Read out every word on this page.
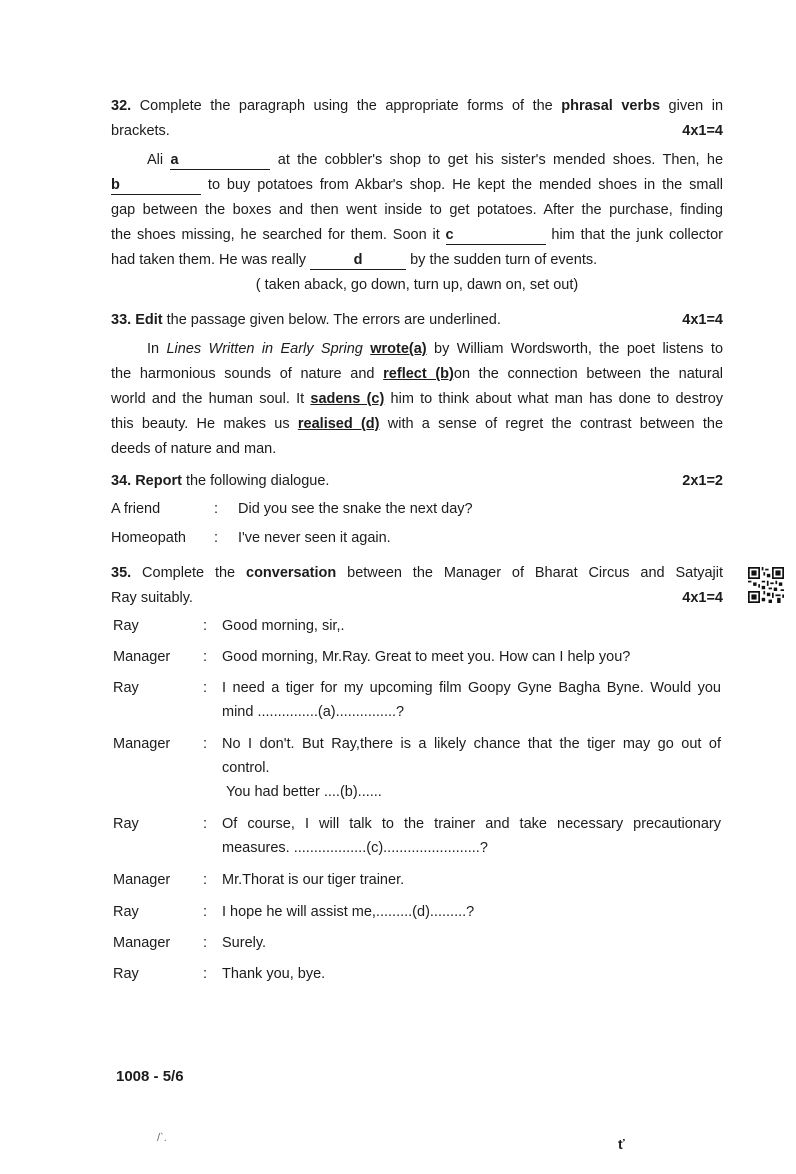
32. Complete the paragraph using the appropriate forms of the phrasal verbs given in
brackets.	4x1=4
Ali a	at the cobbler's shop to get his sister's mended shoes. Then, he
b	to buy potatoes from Akbar's shop. He kept the mended shoes in the small
gap between the boxes and then went inside to get potatoes. After the purchase, finding
the shoes missing, he searched for them. Soon it c	him that the junk collector
had taken them. He was really	d	by the sudden turn of events.
( taken aback, go down, turn up, dawn on, set out)
33. Edit the passage given below. The errors are underlined.	4x1=4
In Lines Written in Early Spring wrote(a) by William Wordsworth, the poet listens to
the harmonious sounds of nature and reflect (b)on the connection between the natural
world and the human soul. It sadens (c) him to think about what man has done to destroy
this beauty. He makes us realised (d) with a sense of regret the contrast between the
deeds of nature and man.
34. Report the following dialogue.	2x1=2
A friend	: Did you see the snake the next day?
Homeopath : I've never seen it again.
35. Complete the conversation between the Manager of Bharat Circus and Satyajit
Ray suitably.	4x1=4
Ray	: Good morning, sir,.
Manager : Good morning, Mr.Ray. Great to meet you. How can I help you?
Ray	: I need a tiger for my upcoming film Goopy Gyne Bagha Byne. Would you
mind ...............(a)...............?
Manager : No I don't. But Ray,there is a likely chance that the tiger may go out of
control.
You had better ....(b)......
Ray	: Of course, I will talk to the trainer and take necessary precautionary
measures. ..................(c)........................?
Manager : Mr.Thorat is our tiger trainer.
Ray	: I hope he will assist me,.........(d).........?
Manager : Surely.
Ray	: Thank you, bye.
1008 - 5/6
/`.	ť
